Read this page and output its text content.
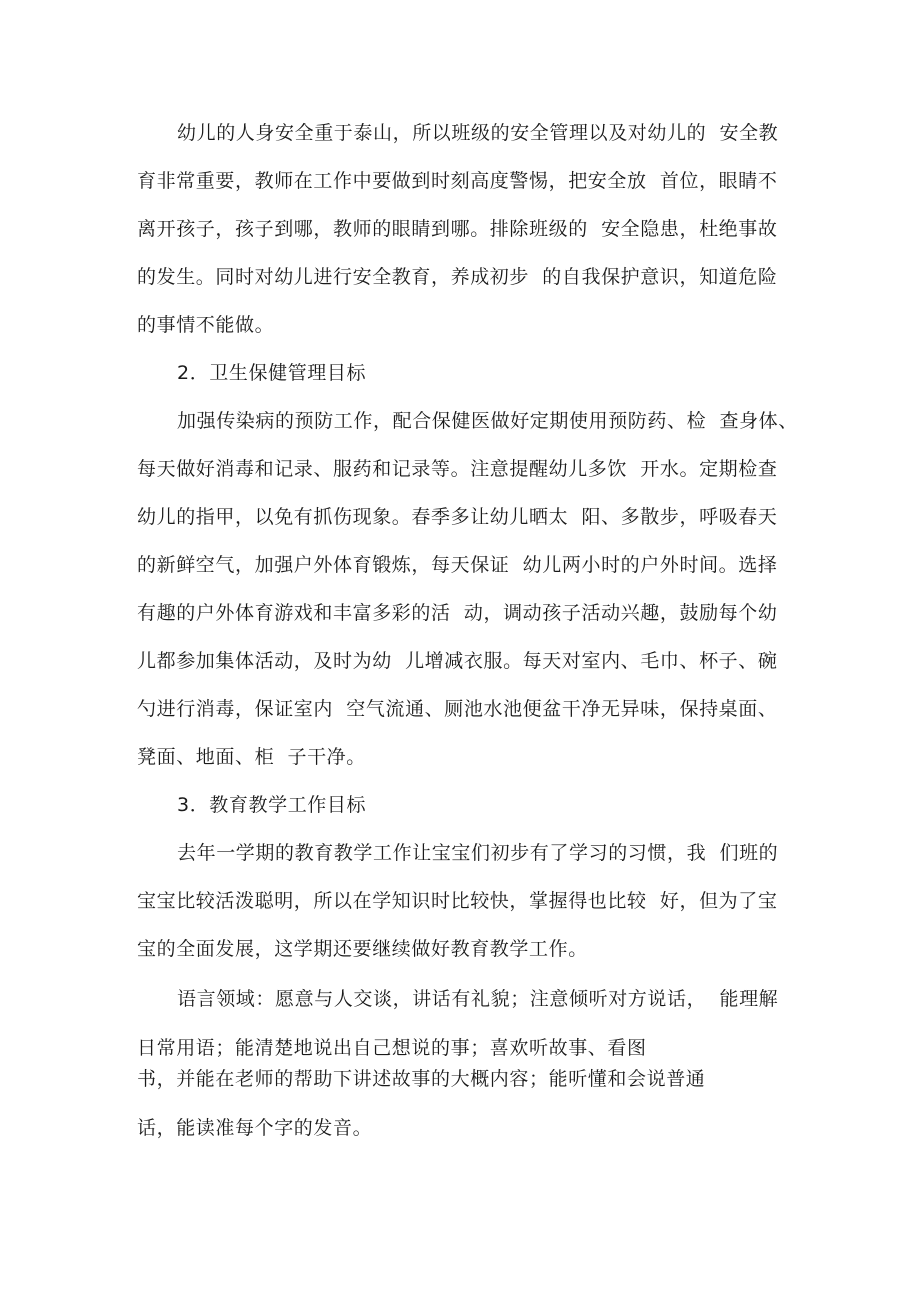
幼儿的人身安全重于泰山，所以班级的安全管理以及对幼儿的  安全教
育非常重要，教师在工作中要做到时刻高度警惕，把安全放  首位，眼睛不
离开孩子，孩子到哪，教师的眼睛到哪。排除班级的  安全隐患，杜绝事故
的发生。同时对幼儿进行安全教育，养成初步  的自我保护意识，知道危险
的事情不能做。
2．卫生保健管理目标
加强传染病的预防工作，配合保健医做好定期使用预防药、检  查身体、
每天做好消毒和记录、服药和记录等。注意提醒幼儿多饮  开水。定期检查
幼儿的指甲，以免有抓伤现象。春季多让幼儿晒太  阳、多散步，呼吸春天
的新鲜空气，加强户外体育锻炼，每天保证  幼儿两小时的户外时间。选择
有趣的户外体育游戏和丰富多彩的活  动，调动孩子活动兴趣，鼓励每个幼
儿都参加集体活动，及时为幼  儿增减衣服。每天对室内、毛巾、杯子、碗
勺进行消毒，保证室内  空气流通、厕池水池便盆干净无异味，保持桌面、
凳面、地面、柜  子干净。
3．教育教学工作目标
去年一学期的教育教学工作让宝宝们初步有了学习的习惯，我  们班的
宝宝比较活泼聪明，所以在学知识时比较快，掌握得也比较  好，但为了宝
宝的全面发展，这学期还要继续做好教育教学工作。
语言领域：愿意与人交谈，讲话有礼貌；注意倾听对方说话，  能理解
日常用语；能清楚地说出自己想说的事；喜欢听故事、看图
书，并能在老师的帮助下讲述故事的大概内容；能听懂和会说普通
话，能读准每个字的发音。
